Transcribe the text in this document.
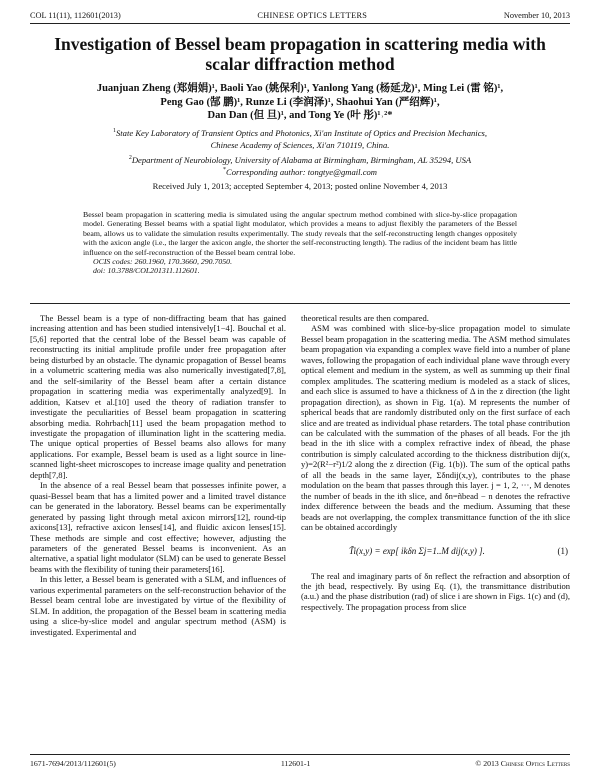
COL 11(11), 112601(2013)	CHINESE OPTICS LETTERS	November 10, 2013
Investigation of Bessel beam propagation in scattering media with scalar diffraction method
Juanjuan Zheng (郑娟娟)¹, Baoli Yao (姚保利)¹, Yanlong Yang (杨延龙)¹, Ming Lei (雷 铭)¹,
Peng Gao (郜 鹏)¹, Runze Li (李润泽)¹, Shaohui Yan (严绍辉)¹,
Dan Dan (但 旦)¹, and Tong Ye (叶 彤)¹˒²*
$^1$State Key Laboratory of Transient Optics and Photonics, Xi'an Institute of Optics and Precision Mechanics,
Chinese Academy of Sciences, Xi'an 710119, China.
$^2$Department of Neurobiology, University of Alabama at Birmingham, Birmingham, AL 35294, USA
*Corresponding author: tongtye@gmail.com
Received July 1, 2013; accepted September 4, 2013; posted online November 4, 2013

Bessel beam propagation in scattering media is simulated using the angular spectrum method combined with slice-by-slice propagation model. Generating Bessel beams with a spatial light modulator, which provides a means to adjust flexibly the parameters of the Bessel beam, allows us to validate the simulation results experimentally. The study reveals that the self-reconstructing length changes oppositely with the axicon angle (i.e., the larger the axicon angle, the shorter the self-reconstructing length). The radius of the incident beam has little influence on the self-reconstruction of the Bessel beam central lobe.

OCIS codes: 260.1960, 170.3660, 290.7050.

doi: 10.3788/COL201311.112601.

The Bessel beam is a type of non-diffracting beam that has gained increasing attention and has been studied intensively[1−4]. Bouchal et al.[5,6] reported that the central lobe of the Bessel beam was capable of reconstructing its initial amplitude profile under free propagation after being disturbed by an obstacle. The dynamic propagation of Bessel beams in a volumetric scattering media was also numerically investigated[7,8], and the self-similarity of the Bessel beam after a certain distance propagation in scattering media was experimentally analyzed[9]. In addition, Katsev et al.[10] used the theory of radiation transfer to investigate the peculiarities of Bessel beam propagation in scattering absorbing media. Rohrbach[11] used the beam propagation method to investigate the propagation of illumination light in the scattering media. The unique optical properties of Bessel beams also allows for many applications. For example, Bessel beam is used as a light source in line-scanned light-sheet microscopes to increase image quality and penetration depth[7,8].

In the absence of a real Bessel beam that possesses infinite power, a quasi-Bessel beam that has a limited power and a limited travel distance can be generated in the laboratory. Bessel beams can be experimentally generated by passing light through metal axicon mirrors[12], round-tip axicons[13], refractive axicon lenses[14], and fluidic axicon lenses[15]. These methods are simple and cost effective; however, adjusting the parameters of the generated Bessel beams is inconvenient. As an alternative, a spatial light modulator (SLM) can be used to generate Bessel beams with the flexibility of tuning their parameters[16].

In this letter, a Bessel beam is generated with a SLM, and influences of various experimental parameters on the self-reconstruction behavior of the Bessel beam central lobe are investigated by virtue of the flexibility of SLM. In addition, the propagation of the Bessel beam in scattering media using a slice-by-slice model and angular spectrum method (ASM) is investigated. Experimental and

theoretical results are then compared.

ASM was combined with slice-by-slice propagation model to simulate Bessel beam propagation in the scattering media. The ASM method simulates beam propagation via expanding a complex wave field into a number of plane waves, following the propagation of each individual plane wave through every optical element and medium in the system, as well as summing up their final complex amplitudes. The scattering medium is modeled as a stack of slices, and each slice is assumed to have a thickness of Δ in the z direction (the light propagation direction), as shown in Fig. 1(a). M represents the number of spherical beads that are randomly distributed only on the first surface of each slice and are treated as individual phase retarders. The total phase contribution can be calculated with the summation of the phases of all beads. For the jth bead in the ith slice with a complex refractive index of ñbead, the phase contribution is simply calculated according to the thickness distribution dij(x, y)=2(R²−r²)1/2 along the z direction (Fig. 1(b)). The sum of the optical paths of all the beads in the same layer, Σδndij(x,y), contributes to the phase modulation on the beam that passes through this layer. j = 1, 2, ···, M denotes the number of beads in the ith slice, and δn=ñbead − n denotes the refractive index difference between the beads and the medium. Assuming that these beads are not overlapping, the complex transmittance function of the ith slice can be obtained accordingly

T̃i(x,y) = exp[ ikδn Σj=1..M dij(x,y) ].	(1)

The real and imaginary parts of δn reflect the refraction and absorption of the jth bead, respectively. By using Eq. (1), the transmittance distribution (a.u.) and the phase distribution (rad) of slice i are shown in Figs. 1(c) and (d), respectively. The propagation process from slice

1671-7694/2013/112601(5)	112601-1	© 2013 Chinese Optics Letters
